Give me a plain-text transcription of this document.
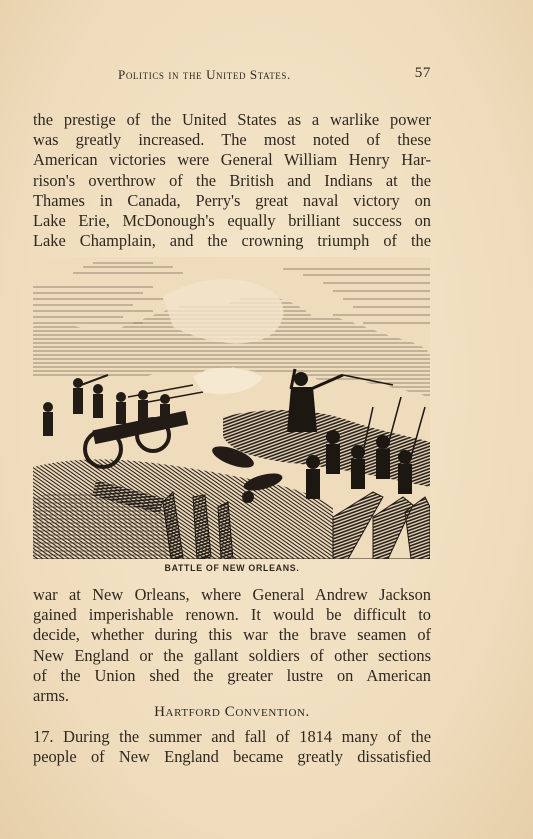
Politics in the United States.	57
the prestige of the United States as a warlike power
was greatly increased. The most noted of these
American victories were General William Henry Har-
rison's overthrow of the British and Indians at the
Thames in Canada, Perry's great naval victory on
Lake Erie, McDonough's equally brilliant success on
Lake Champlain, and the crowning triumph of the
BATTLE OF NEW ORLEANS.
war at New Orleans, where General Andrew Jackson
gained imperishable renown. It would be difficult to
decide, whether during this war the brave seamen of
New England or the gallant soldiers of other sections
of the Union shed the greater lustre on American
arms.
Hartford Convention.
17. During the summer and fall of 1814 many of the
people of New England became greatly dissatisfied
